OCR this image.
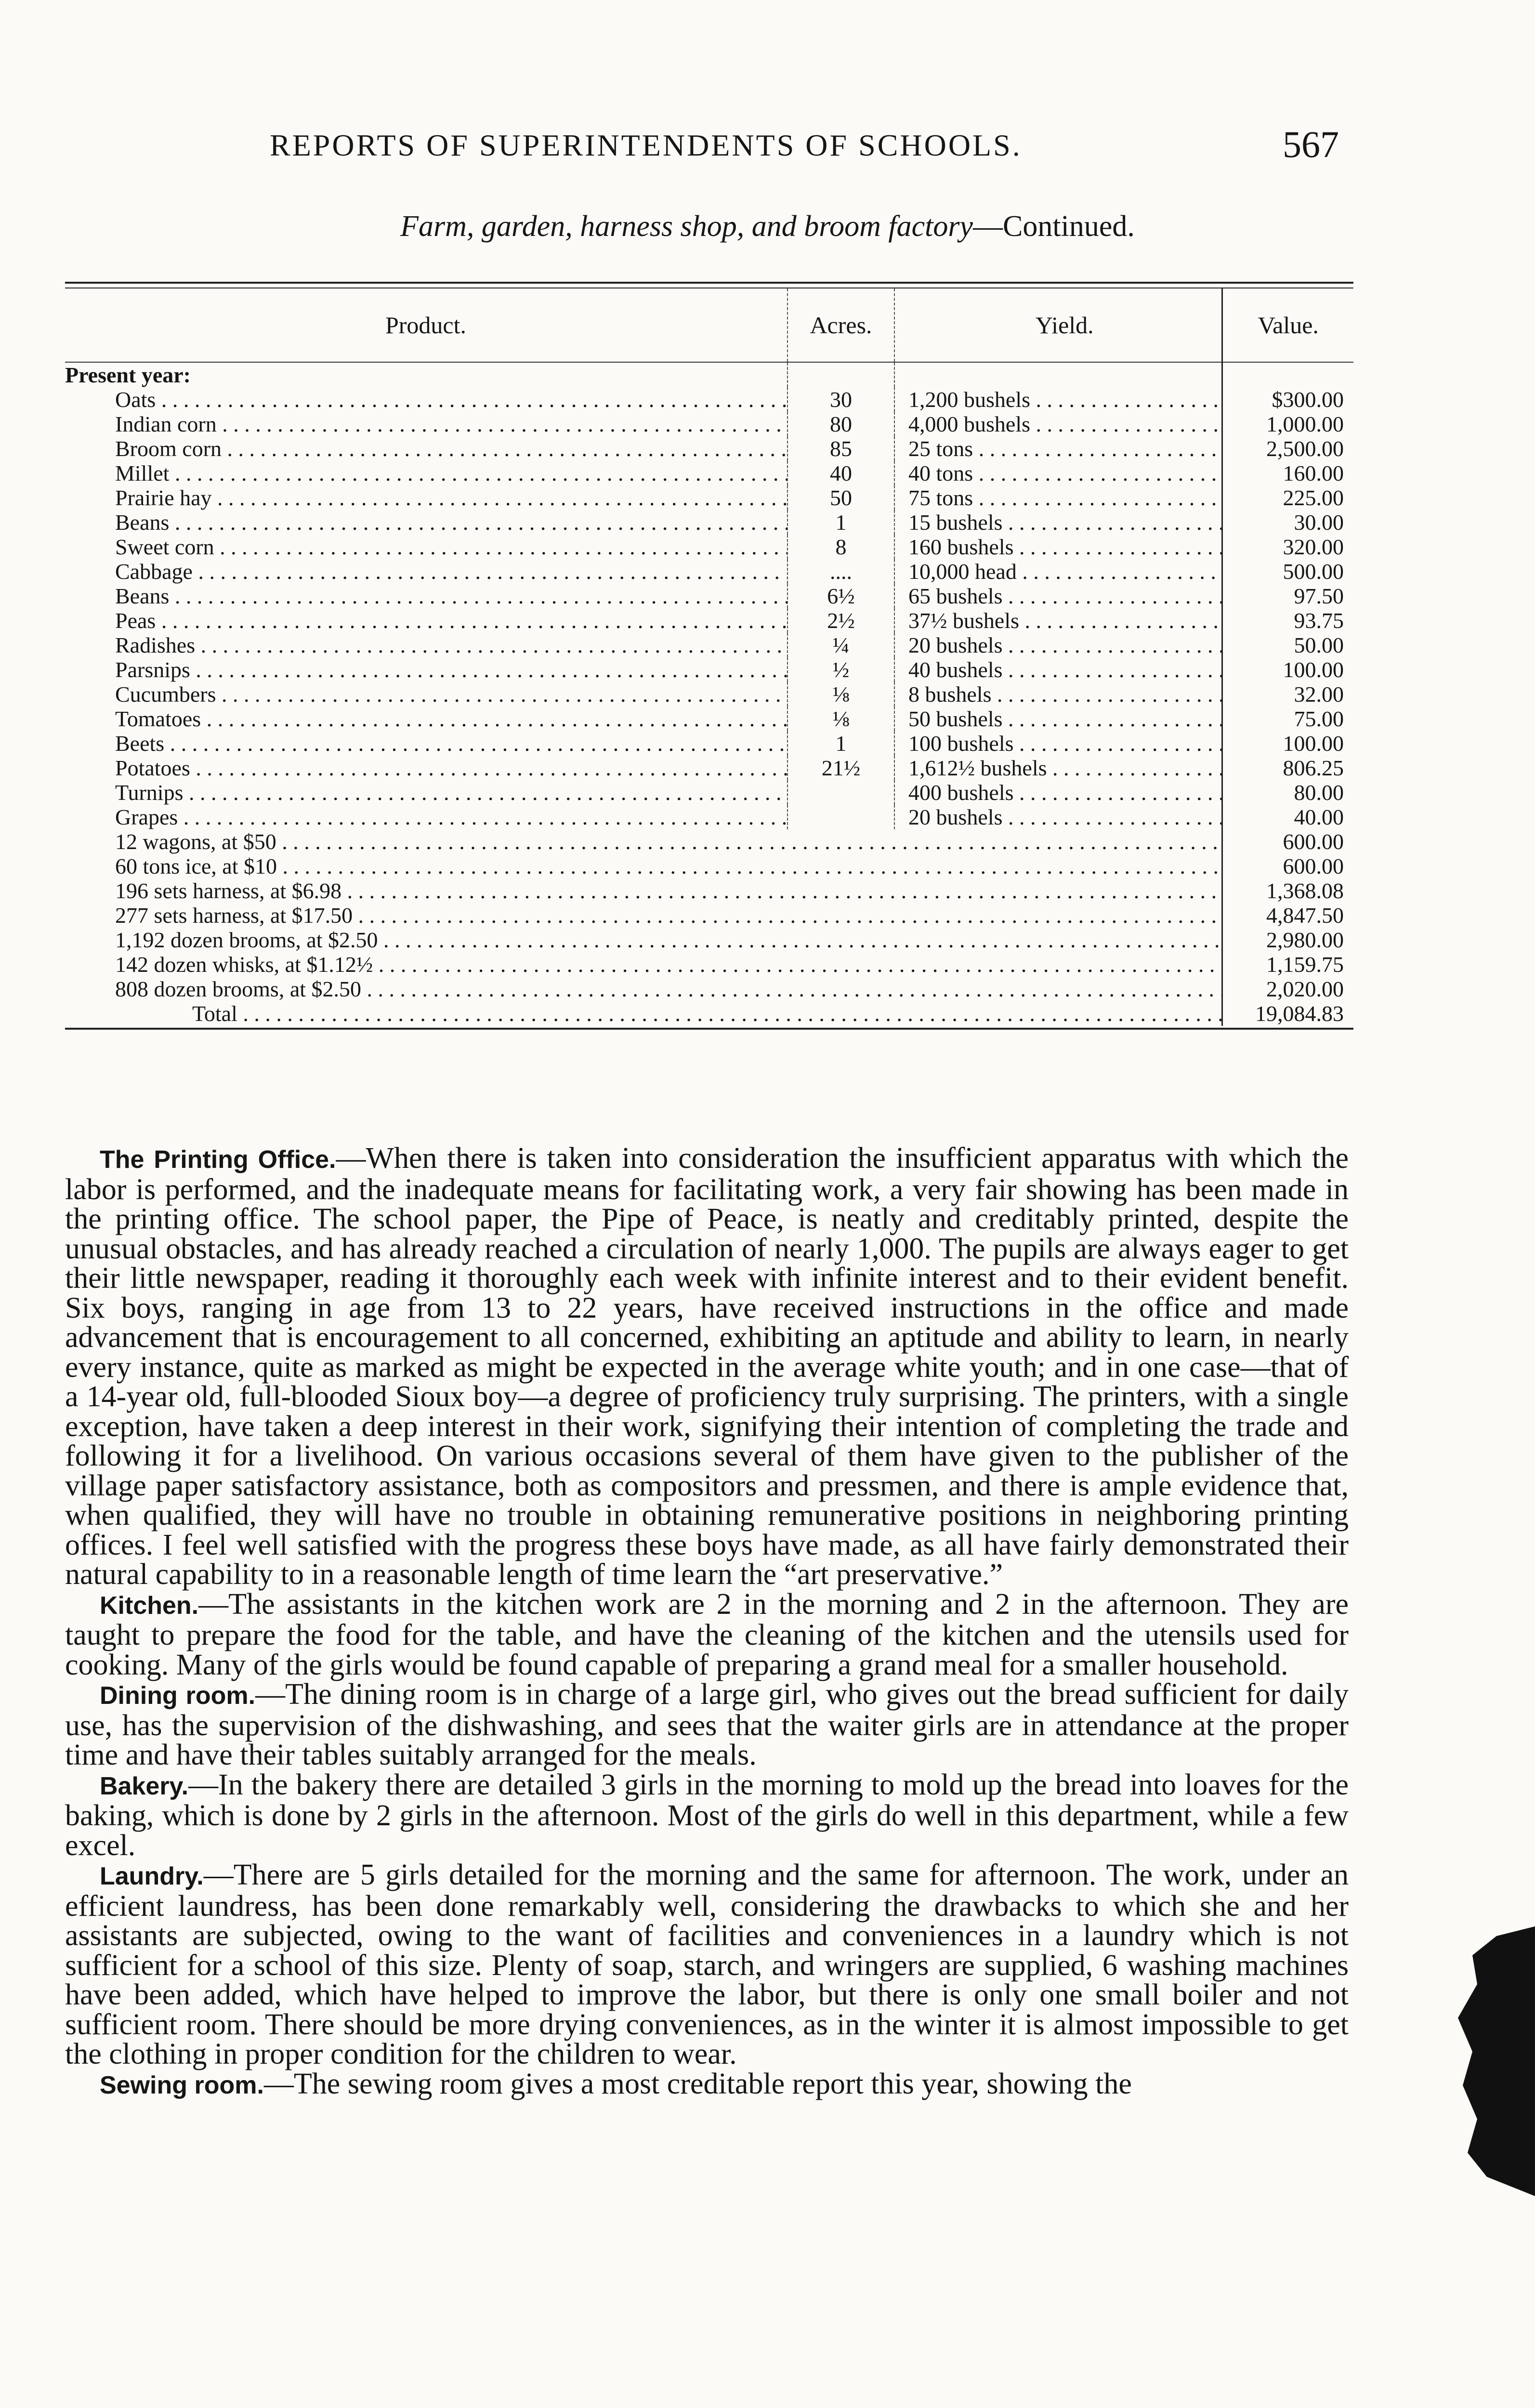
REPORTS OF SUPERINTENDENTS OF SCHOOLS.	567
Farm, garden, harness shop, and broom factory—Continued.
Product.	Acres.	Yield.	Value.
Present year:			
Oats . . .	30	1,200 bushels . . .	$300.00
Indian corn . . .	80	4,000 bushels . . .	1,000.00
Broom corn . . .	85	25 tons . . .	2,500.00
Millet . . .	40	40 tons . . .	160.00
Prairie hay . . .	50	75 tons . . .	225.00
Beans . . .	1	15 bushels . . .	30.00
Sweet corn . . .	8	160 bushels . . .	320.00
Cabbage . . .	....	10,000 head . . .	500.00
Beans . . .	6½	65 bushels . . .	97.50
Peas . . .	2½	37½ bushels . . .	93.75
Radishes . . .	¼	20 bushels . . .	50.00
Parsnips . . .	½	40 bushels . . .	100.00
Cucumbers . . .	⅛	8 bushels . . .	32.00
Tomatoes . . .	⅛	50 bushels . . .	75.00
Beets . . .	1	100 bushels . . .	100.00
Potatoes . . .	21½	1,612½ bushels . . .	806.25
Turnips . . .		400 bushels . . .	80.00
Grapes . . .		20 bushels . . .	40.00
12 wagons, at $50 . . .			600.00
60 tons ice, at $10 . . .			600.00
196 sets harness, at $6.98 . . .			1,368.08
277 sets harness, at $17.50 . . .			4,847.50
1,192 dozen brooms, at $2.50 . . .			2,980.00
142 dozen whisks, at $1.12½ . . .			1,159.75
808 dozen brooms, at $2.50 . . .			2,020.00
Total . . .			19,084.83

The Printing Office.—When there is taken into consideration the insufficient apparatus with which the labor is performed, and the inadequate means for facilitating work, a very fair showing has been made in the printing office. The school paper, the Pipe of Peace, is neatly and creditably printed, despite the unusual obstacles, and has already reached a circulation of nearly 1,000. The pupils are always eager to get their little newspaper, reading it thoroughly each week with infinite interest and to their evident benefit. Six boys, ranging in age from 13 to 22 years, have received instructions in the office and made advancement that is encouragement to all concerned, exhibiting an aptitude and ability to learn, in nearly every instance, quite as marked as might be expected in the average white youth; and in one case—that of a 14-year old, full-blooded Sioux boy—a degree of proficiency truly surprising. The printers, with a single exception, have taken a deep interest in their work, signifying their intention of completing the trade and following it for a livelihood. On various occasions several of them have given to the publisher of the village paper satisfactory assistance, both as compositors and pressmen, and there is ample evidence that, when qualified, they will have no trouble in obtaining remunerative positions in neighboring printing offices. I feel well satisfied with the progress these boys have made, as all have fairly demonstrated their natural capability to in a reasonable length of time learn the “art preservative.”

Kitchen.—The assistants in the kitchen work are 2 in the morning and 2 in the afternoon. They are taught to prepare the food for the table, and have the cleaning of the kitchen and the utensils used for cooking. Many of the girls would be found capable of preparing a grand meal for a smaller household.

Dining room.—The dining room is in charge of a large girl, who gives out the bread sufficient for daily use, has the supervision of the dishwashing, and sees that the waiter girls are in attendance at the proper time and have their tables suitably arranged for the meals.

Bakery.—In the bakery there are detailed 3 girls in the morning to mold up the bread into loaves for the baking, which is done by 2 girls in the afternoon. Most of the girls do well in this department, while a few excel.

Laundry.—There are 5 girls detailed for the morning and the same for afternoon. The work, under an efficient laundress, has been done remarkably well, considering the drawbacks to which she and her assistants are subjected, owing to the want of facilities and conveniences in a laundry which is not sufficient for a school of this size. Plenty of soap, starch, and wringers are supplied, 6 washing machines have been added, which have helped to improve the labor, but there is only one small boiler and not sufficient room. There should be more drying conveniences, as in the winter it is almost impossible to get the clothing in proper condition for the children to wear.

Sewing room.—The sewing room gives a most creditable report this year, showing the
